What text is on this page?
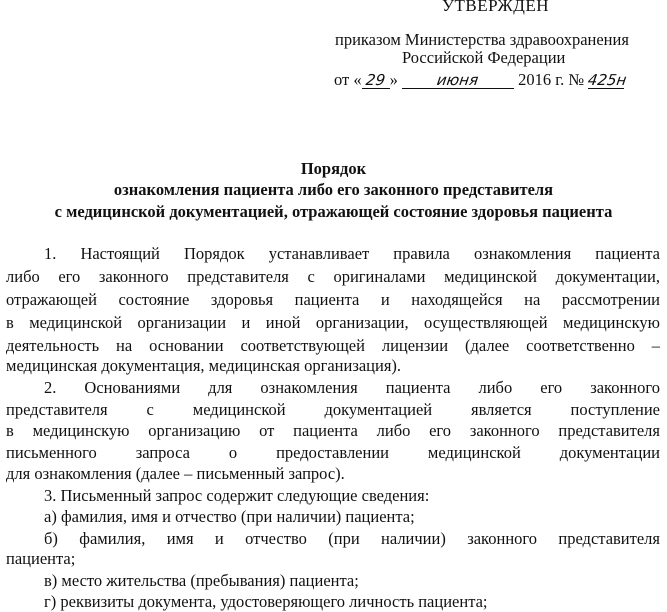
УТВЕРЖДЕН
приказом Министерства здравоохранения
Российской Федерации
от « 29 »	июня 2016 г. № 425н
Порядок
ознакомления пациента либо его законного представителя
с медицинской документацией, отражающей состояние здоровья пациента
1. Настоящий Порядок устанавливает правила ознакомления пациента
либо его законного представителя с оригиналами медицинской документации,
отражающей состояние здоровья пациента и находящейся на рассмотрении
в медицинской организации и иной организации, осуществляющей медицинскую
деятельность на основании соответствующей лицензии (далее соответственно –
медицинская документация, медицинская организация).
2. Основаниями для ознакомления пациента либо его законного
представителя с медицинской документацией является поступление
в медицинскую организацию от пациента либо его законного представителя
письменного запроса о предоставлении медицинской документации
для ознакомления (далее – письменный запрос).
3. Письменный запрос содержит следующие сведения:
а) фамилия, имя и отчество (при наличии) пациента;
б) фамилия, имя и отчество (при наличии) законного представителя
пациента;
в) место жительства (пребывания) пациента;
г) реквизиты документа, удостоверяющего личность пациента;
